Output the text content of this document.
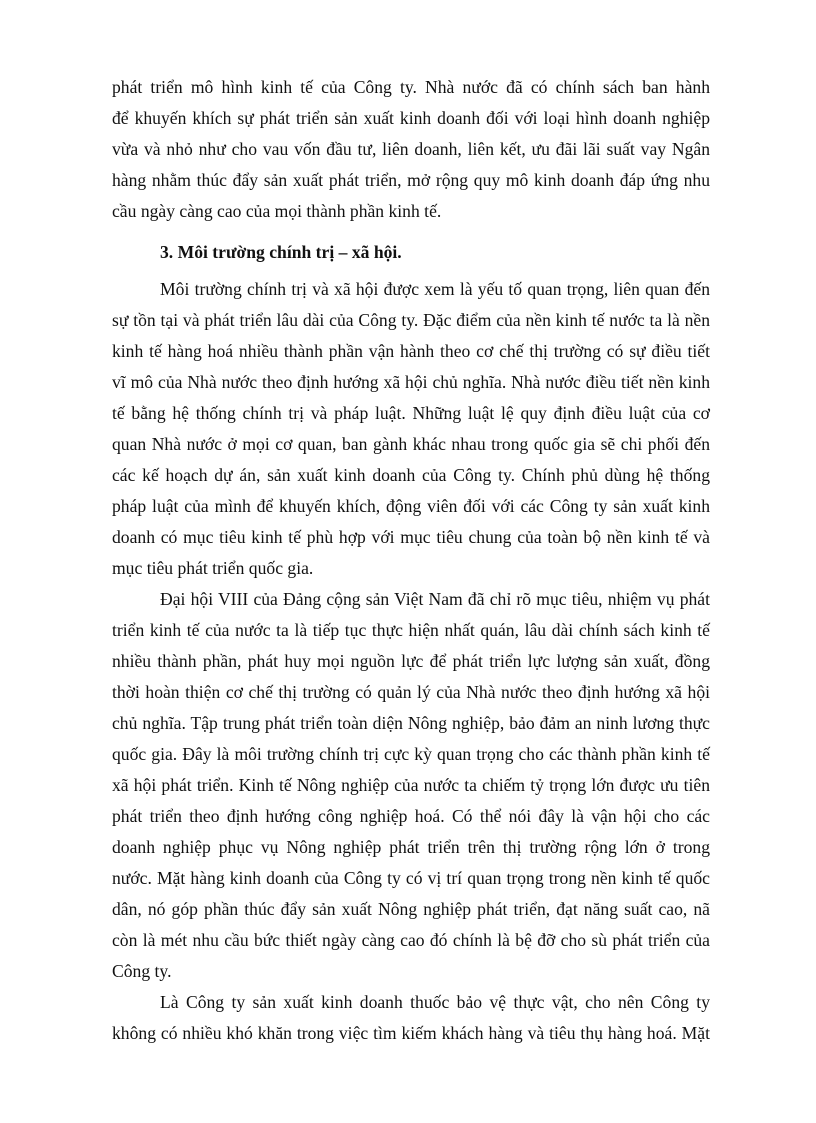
phát triển mô hình kinh tế của Công ty. Nhà nước đã có chính sách ban hành
để khuyến khích sự phát triển sản xuất kinh doanh đối với loại hình doanh nghiệp
vừa và nhỏ như cho vau vốn đầu tư, liên doanh, liên kết, ưu đãi lãi suất vay Ngân
hàng nhằm thúc đẩy sản xuất phát triển, mở rộng quy mô kinh doanh đáp ứng nhu
cầu ngày càng cao của mọi thành phần kinh tế.
3. Môi trường chính trị – xã hội.
Môi trường chính trị và xã hội được xem là yếu tố quan trọng, liên quan đến
sự tồn tại và phát triển lâu dài của Công ty. Đặc điểm của nền kinh tế nước ta là nền
kinh tế hàng hoá nhiều thành phần vận hành theo cơ chế thị trường có sự điều tiết
vĩ mô của Nhà nước theo định hướng xã hội chủ nghĩa. Nhà nước điều tiết nền kinh
tế bằng hệ thống chính trị và pháp luật. Những luật lệ quy định điều luật của cơ
quan Nhà nước ở mọi cơ quan, ban gành khác nhau trong quốc gia sẽ chi phối đến
các kế hoạch dự án, sản xuất kinh doanh của Công ty. Chính phủ dùng hệ thống
pháp luật của mình để khuyến khích, động viên đối với các Công ty sản xuất kinh
doanh có mục tiêu kinh tế phù hợp với mục tiêu chung của toàn bộ nền kinh tế và
mục tiêu phát triển quốc gia.
Đại hội VIII của Đảng cộng sản Việt Nam đã chỉ rõ mục tiêu, nhiệm vụ phát
triển kinh tế của nước ta là tiếp tục thực hiện nhất quán, lâu dài chính sách kinh tế
nhiều thành phần, phát huy mọi nguồn lực để phát triển lực lượng sản xuất, đồng
thời hoàn thiện cơ chế thị trường có quản lý của Nhà nước theo định hướng xã hội
chủ nghĩa. Tập trung phát triển toàn diện Nông nghiệp, bảo đảm an ninh lương thực
quốc gia. Đây là môi trường chính trị cực kỳ quan trọng cho các thành phần kinh tế
xã hội phát triển. Kinh tế Nông nghiệp của nước ta chiếm tỷ trọng lớn được ưu tiên
phát triển theo định hướng công nghiệp hoá. Có thể nói đây là vận hội cho các
doanh nghiệp phục vụ Nông nghiệp phát triển trên thị trường rộng lớn ở trong
nước. Mặt hàng kinh doanh của Công ty có vị trí quan trọng trong nền kinh tế quốc
dân, nó góp phần thúc đẩy sản xuất Nông nghiệp phát triển, đạt năng suất cao, nã
còn là mét nhu cầu bức thiết ngày càng cao đó chính là bệ đỡ cho sù phát triển của
Công ty.
Là Công ty sản xuất kinh doanh thuốc bảo vệ thực vật, cho nên Công ty
không có nhiều khó khăn trong việc tìm kiếm khách hàng và tiêu thụ hàng hoá. Mặt
